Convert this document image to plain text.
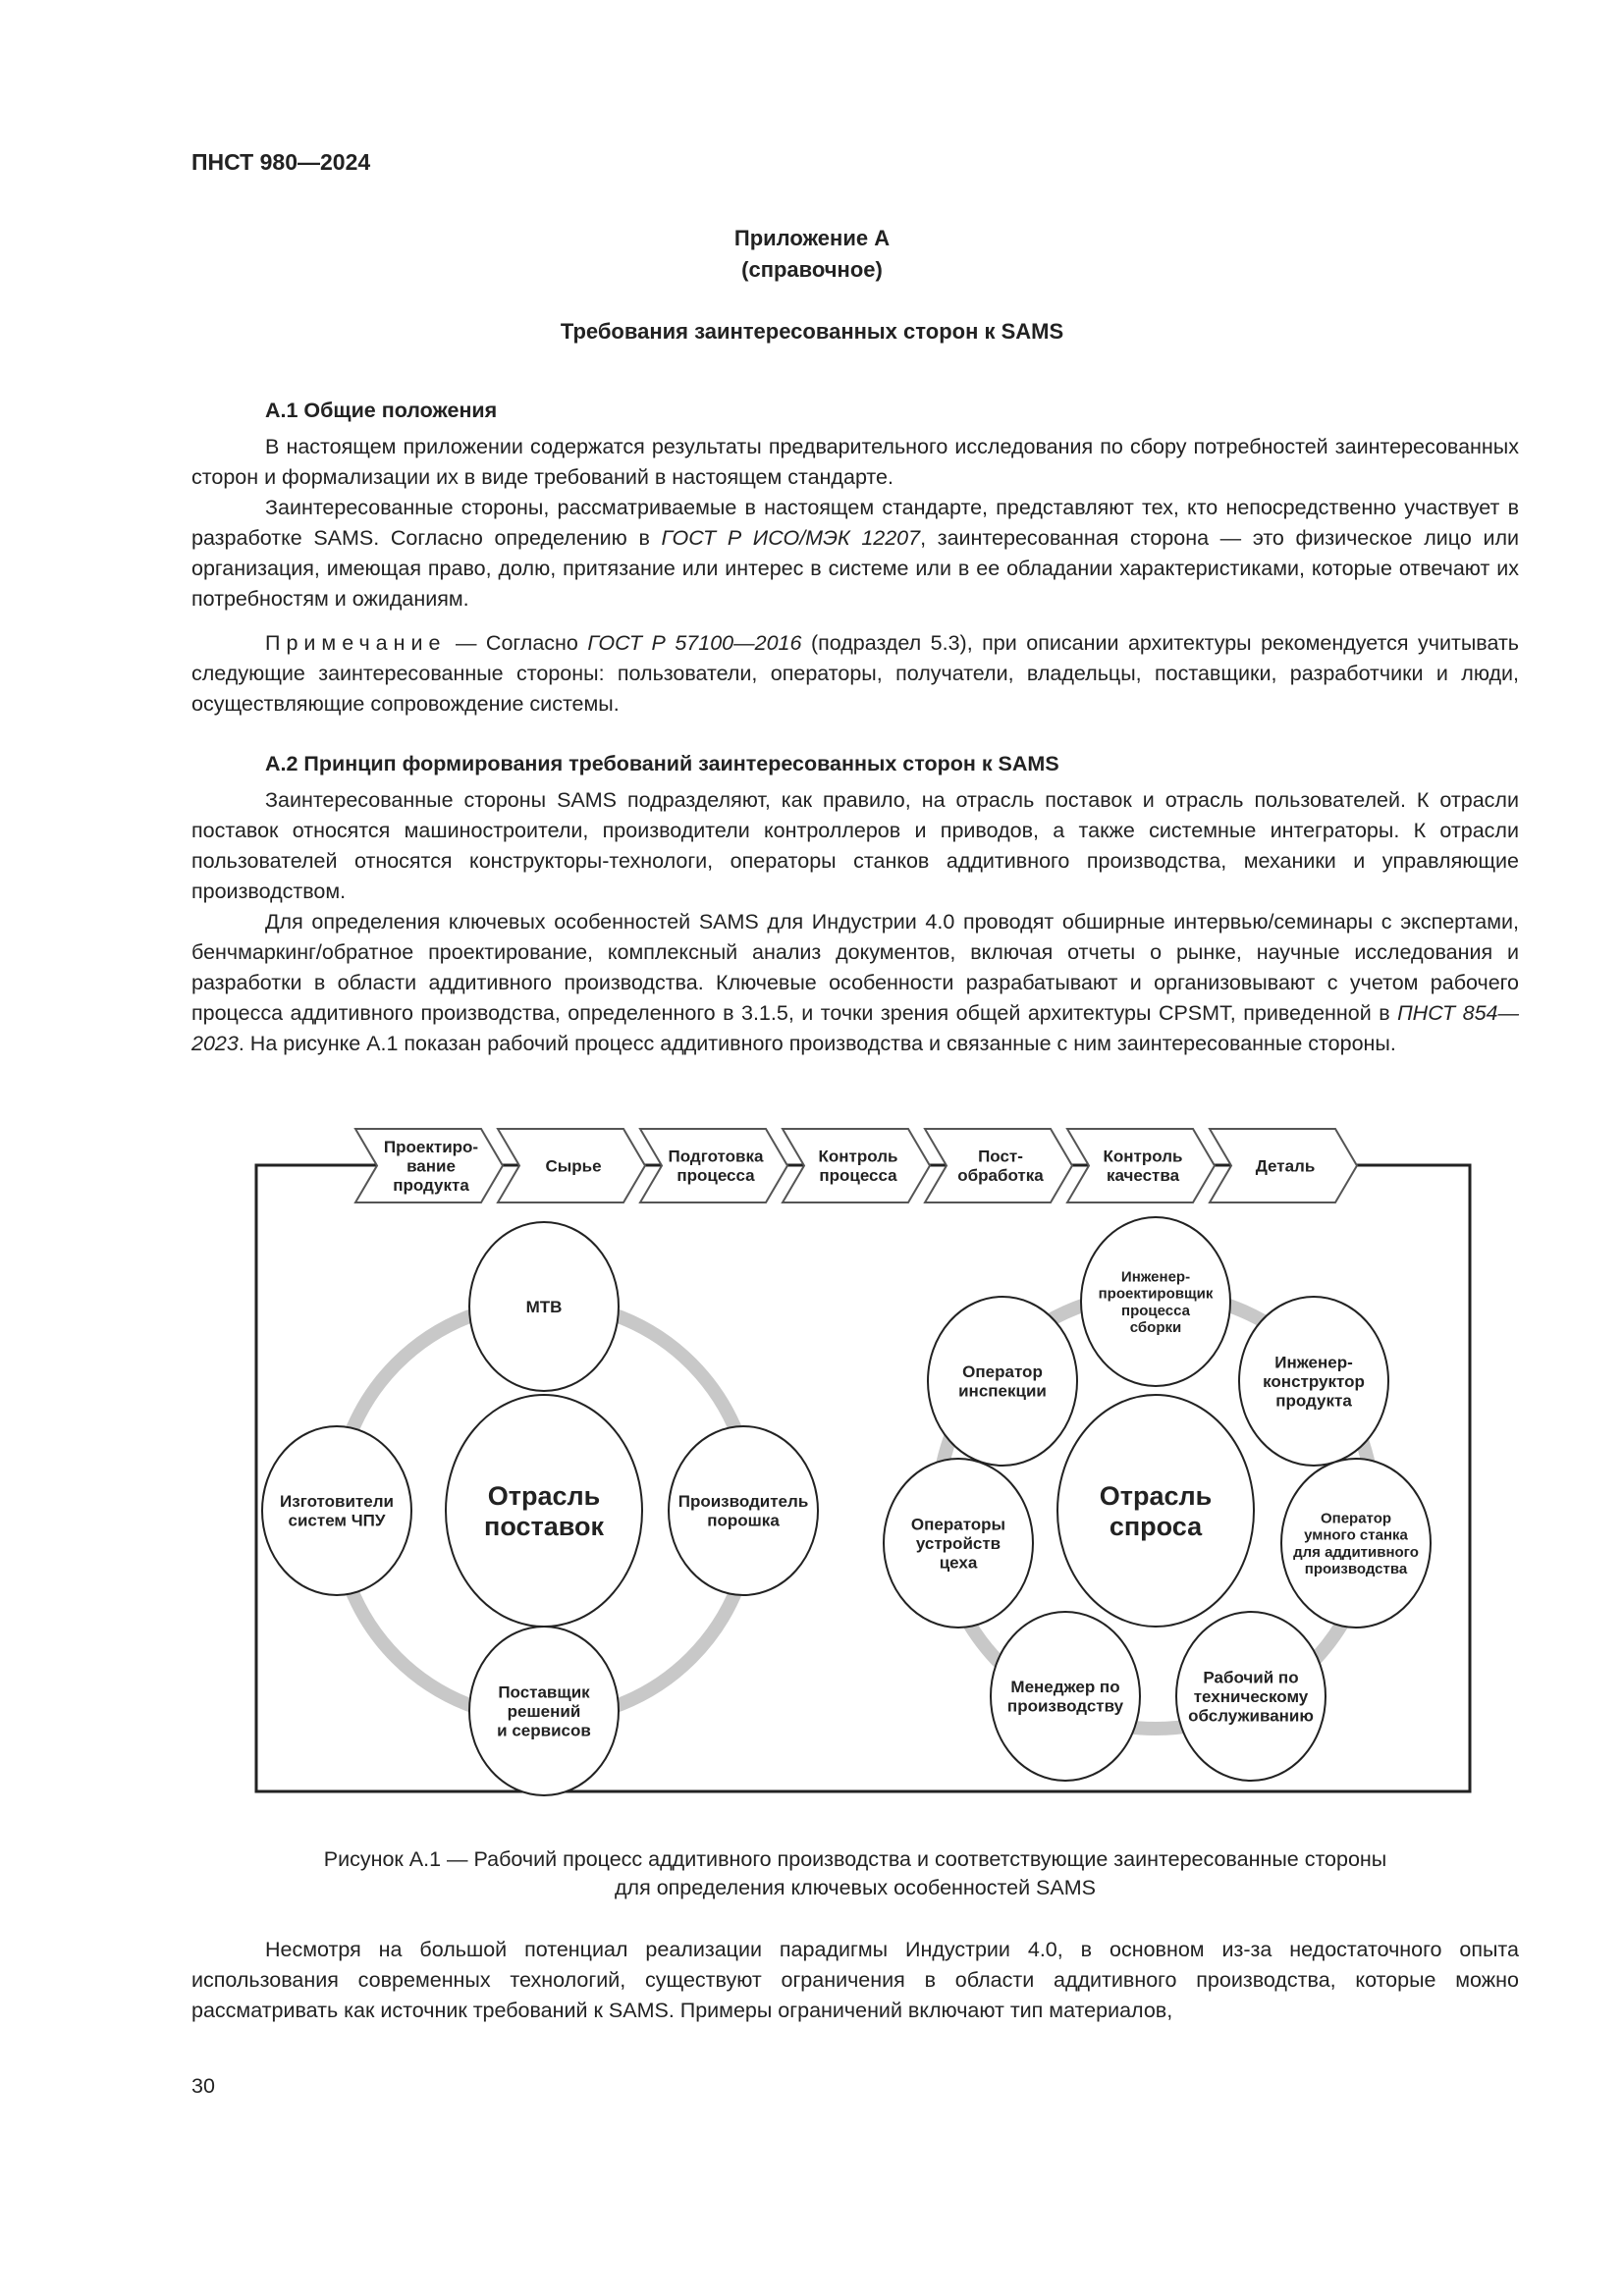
ПНСТ 980—2024
Приложение А
(справочное)
Требования заинтересованных сторон к SAMS
А.1 Общие положения

В настоящем приложении содержатся результаты предварительного исследования по сбору потребностей заинтересованных сторон и формализации их в виде требований в настоящем стандарте.

Заинтересованные стороны, рассматриваемые в настоящем стандарте, представляют тех, кто непосредственно участвует в разработке SAMS. Согласно определению в ГОСТ Р ИСО/МЭК 12207, заинтересованная сторона — это физическое лицо или организация, имеющая право, долю, притязание или интерес в системе или в ее обладании характеристиками, которые отвечают их потребностям и ожиданиям.

Примечание — Согласно ГОСТ Р 57100—2016 (подраздел 5.3), при описании архитектуры рекомендуется учитывать следующие заинтересованные стороны: пользователи, операторы, получатели, владельцы, поставщики, разработчики и люди, осуществляющие сопровождение системы.

А.2 Принцип формирования требований заинтересованных сторон к SAMS

Заинтересованные стороны SAMS подразделяют, как правило, на отрасль поставок и отрасль пользователей. К отрасли поставок относятся машиностроители, производители контроллеров и приводов, а также системные интеграторы. К отрасли пользователей относятся конструкторы-технологи, операторы станков аддитивного производства, механики и управляющие производством.

Для определения ключевых особенностей SAMS для Индустрии 4.0 проводят обширные интервью/семинары с экспертами, бенчмаркинг/обратное проектирование, комплексный анализ документов, включая отчеты о рынке, научные исследования и разработки в области аддитивного производства. Ключевые особенности разрабатывают и организовывают с учетом рабочего процесса аддитивного производства, определенного в 3.1.5, и точки зрения общей архитектуры CPSMT, приведенной в ПНСТ 854—2023. На рисунке А.1 показан рабочий процесс аддитивного производства и связанные с ним заинтересованные стороны.

Проектиро-
вание
продукта
Сырье
Подготовка
процесса
Контроль
процесса
Пост-
обработка
Контроль
качества
Деталь
Отрасль
поставок
МТВ
Производитель
порошка
Поставщик
решений
и сервисов
Изготовители
систем ЧПУ
Отрасль
спроса
Инженер-
проектировщик
процесса
сборки
Инженер-
конструктор
продукта
Оператор
умного станка
для аддитивного
производства
Рабочий по
техническому
обслуживанию
Менеджер по
производству
Операторы
устройств
цеха
Оператор
инспекции
Рисунок А.1 — Рабочий процесс аддитивного производства и соответствующие заинтересованные стороны
для определения ключевых особенностей SAMS

Несмотря на большой потенциал реализации парадигмы Индустрии 4.0, в основном из-за недостаточного опыта использования современных технологий, существуют ограничения в области аддитивного производства, которые можно рассматривать как источник требований к SAMS. Примеры ограничений включают тип материалов,

30
